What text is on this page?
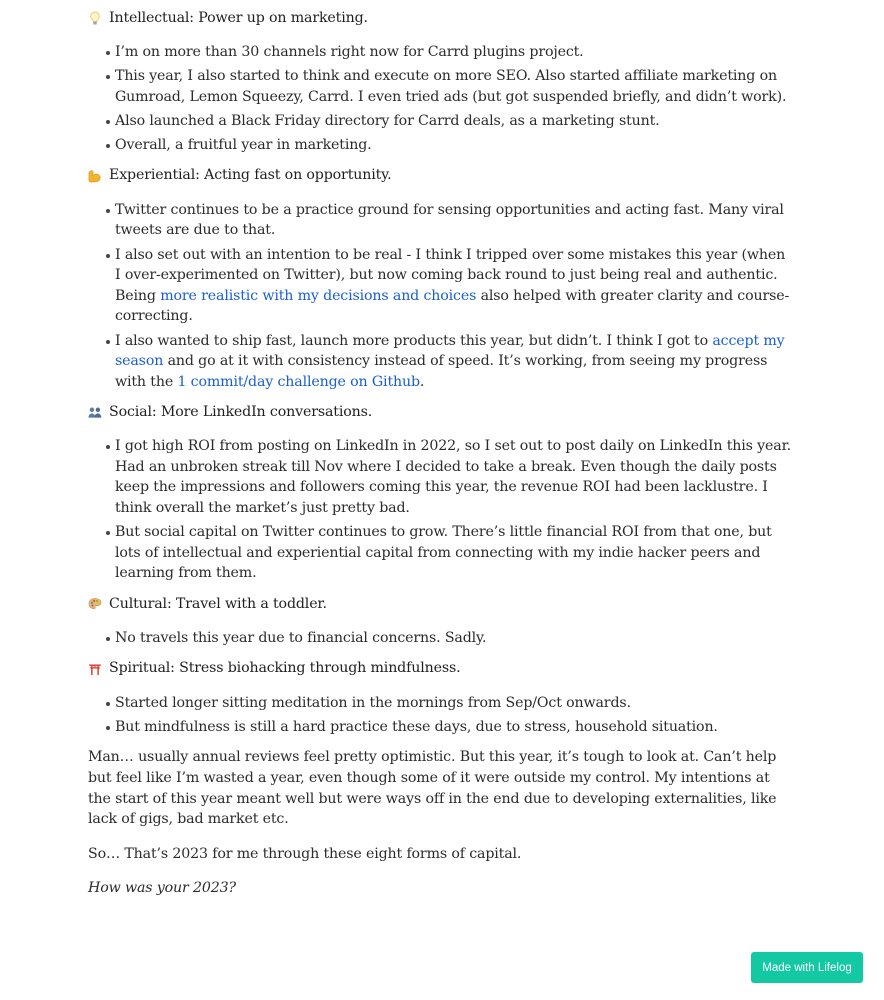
Intellectual: Power up on marketing.
I’m on more than 30 channels right now for Carrd plugins project.
This year, I also started to think and execute on more SEO. Also started affiliate marketing on Gumroad, Lemon Squeezy, Carrd. I even tried ads (but got suspended briefly, and didn’t work).
Also launched a Black Friday directory for Carrd deals, as a marketing stunt.
Overall, a fruitful year in marketing.
Experiential: Acting fast on opportunity.
Twitter continues to be a practice ground for sensing opportunities and acting fast. Many viral tweets are due to that.
I also set out with an intention to be real - I think I tripped over some mistakes this year (when I over-experimented on Twitter), but now coming back round to just being real and authentic. Being more realistic with my decisions and choices also helped with greater clarity and course-correcting.
I also wanted to ship fast, launch more products this year, but didn’t. I think I got to accept my season and go at it with consistency instead of speed. It’s working, from seeing my progress with the 1 commit/day challenge on Github.
Social: More LinkedIn conversations.
I got high ROI from posting on LinkedIn in 2022, so I set out to post daily on LinkedIn this year. Had an unbroken streak till Nov where I decided to take a break. Even though the daily posts keep the impressions and followers coming this year, the revenue ROI had been lacklustre. I think overall the market’s just pretty bad.
But social capital on Twitter continues to grow. There’s little financial ROI from that one, but lots of intellectual and experiential capital from connecting with my indie hacker peers and learning from them.
Cultural: Travel with a toddler.
No travels this year due to financial concerns. Sadly.
Spiritual: Stress biohacking through mindfulness.
Started longer sitting meditation in the mornings from Sep/Oct onwards.
But mindfulness is still a hard practice these days, due to stress, household situation.

Man… usually annual reviews feel pretty optimistic. But this year, it’s tough to look at. Can’t help but feel like I’m wasted a year, even though some of it were outside my control. My intentions at the start of this year meant well but were ways off in the end due to developing externalities, like lack of gigs, bad market etc.

So… That’s 2023 for me through these eight forms of capital.

How was your 2023?

Made with Lifelog
